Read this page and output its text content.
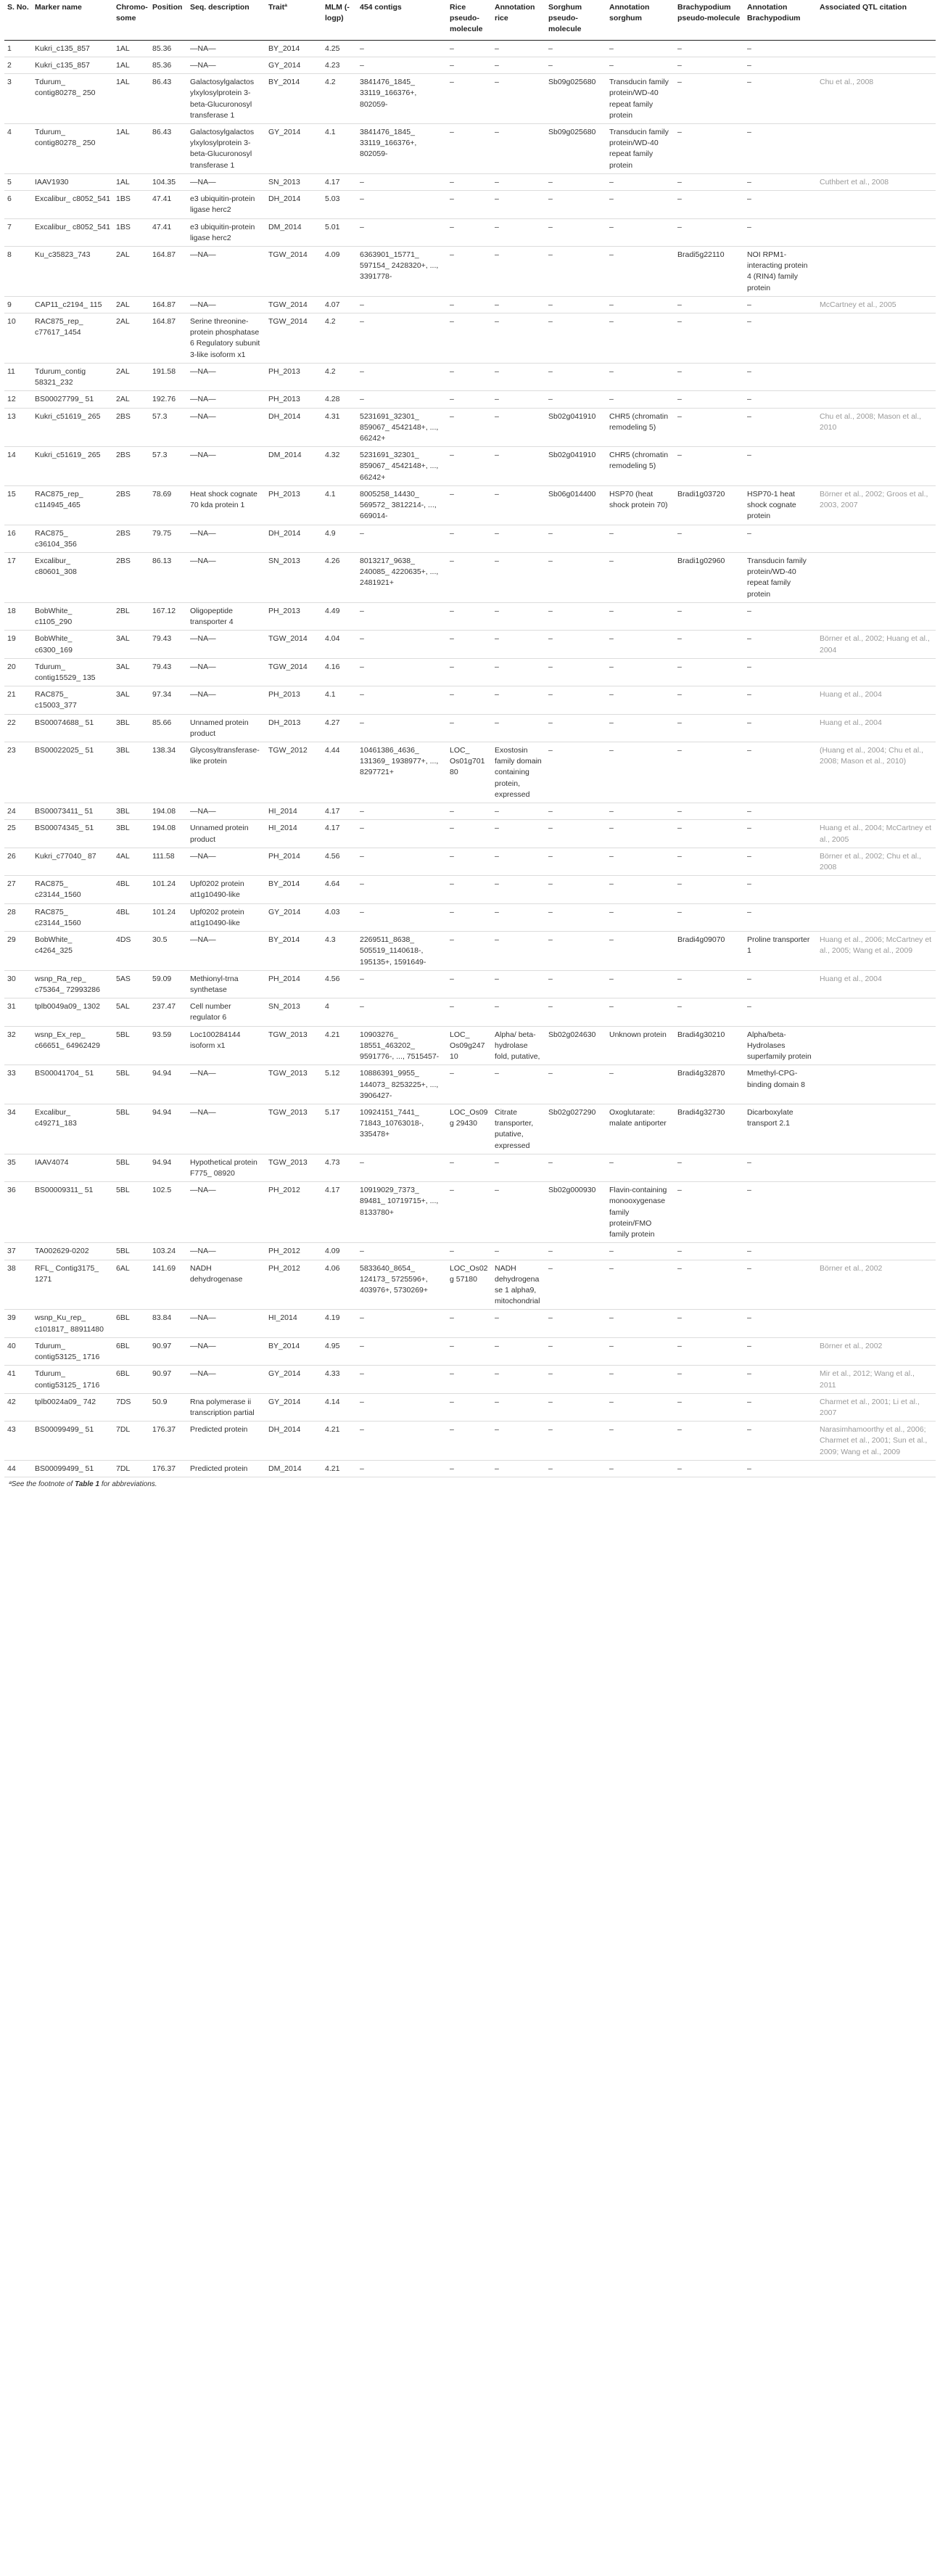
S. No.	Marker name	Chromo-some	Position	Seq. description	Traitª	MLM (-logp)	454 contigs	Rice pseudo-molecule	Annotation rice	Sorghum pseudo-molecule	Annotation sorghum	Brachypodium pseudo-molecule	Annotation Brachypodium	Associated QTL citation
1	Kukri_c135_857	1AL	85.36	—NA—	BY_2014	4.25	–	–	–	–	–	–	–	
2	Kukri_c135_857	1AL	85.36	—NA—	GY_2014	4.23	–	–	–	–	–	–	–	
3	Tdurum_ contig80278_ 250	1AL	86.43	Galactosylgalactos ylxylosylprotein 3-beta-Glucuronosyl transferase 1	BY_2014	4.2	3841476_1845_ 33119_166376+, 802059-	–	–	Sb09g025680	Transducin family protein/WD-40 repeat family protein	–	–	Chu et al., 2008
4	Tdurum_ contig80278_ 250	1AL	86.43	Galactosylgalactos ylxylosylprotein 3-beta-Glucuronosyl transferase 1	GY_2014	4.1	3841476_1845_ 33119_166376+, 802059-	–	–	Sb09g025680	Transducin family protein/WD-40 repeat family protein	–	–	
5	IAAV1930	1AL	104.35	—NA—	SN_2013	4.17	–	–	–	–	–	–	–	Cuthbert et al., 2008
6	Excalibur_ c8052_541	1BS	47.41	e3 ubiquitin-protein ligase herc2	DH_2014	5.03	–	–	–	–	–	–	–	
7	Excalibur_ c8052_541	1BS	47.41	e3 ubiquitin-protein ligase herc2	DM_2014	5.01	–	–	–	–	–	–	–	
8	Ku_c35823_743	2AL	164.87	—NA—	TGW_2014	4.09	6363901_15771_ 597154_ 2428320+, ..., 3391778-	–	–	–	–	Bradi5g22110	NOI RPM1-interacting protein 4 (RIN4) family protein	
9	CAP11_c2194_ 115	2AL	164.87	—NA—	TGW_2014	4.07	–	–	–	–	–	–	–	McCartney et al., 2005
10	RAC875_rep_ c77617_1454	2AL	164.87	Serine threonine-protein phosphatase 6 Regulatory subunit 3-like isoform x1	TGW_2014	4.2	–	–	–	–	–	–	–	
11	Tdurum_contig 58321_232	2AL	191.58	—NA—	PH_2013	4.2	–	–	–	–	–	–	–	
12	BS00027799_ 51	2AL	192.76	—NA—	PH_2013	4.28	–	–	–	–	–	–	–	
13	Kukri_c51619_ 265	2BS	57.3	—NA—	DH_2014	4.31	5231691_32301_ 859067_ 4542148+, ..., 66242+	–	–	Sb02g041910	CHR5 (chromatin remodeling 5)	–	–	Chu et al., 2008; Mason et al., 2010
14	Kukri_c51619_ 265	2BS	57.3	—NA—	DM_2014	4.32	5231691_32301_ 859067_ 4542148+, ..., 66242+	–	–	Sb02g041910	CHR5 (chromatin remodeling 5)	–	–	
15	RAC875_rep_ c114945_465	2BS	78.69	Heat shock cognate 70 kda protein 1	PH_2013	4.1	8005258_14430_ 569572_ 3812214-, ..., 669014-	–	–	Sb06g014400	HSP70 (heat shock protein 70)	Bradi1g03720	HSP70-1 heat shock cognate protein	Börner et al., 2002; Groos et al., 2003, 2007
16	RAC875_ c36104_356	2BS	79.75	—NA—	DH_2014	4.9	–	–	–	–	–	–	–	
17	Excalibur_ c80601_308	2BS	86.13	—NA—	SN_2013	4.26	8013217_9638_ 240085_ 4220635+, ..., 2481921+	–	–	–	–	Bradi1g02960	Transducin family protein/WD-40 repeat family protein	
18	BobWhite_ c1105_290	2BL	167.12	Oligopeptide transporter 4	PH_2013	4.49	–	–	–	–	–	–	–	
19	BobWhite_ c6300_169	3AL	79.43	—NA—	TGW_2014	4.04	–	–	–	–	–	–	–	Börner et al., 2002; Huang et al., 2004
20	Tdurum_ contig15529_ 135	3AL	79.43	—NA—	TGW_2014	4.16	–	–	–	–	–	–	–	
21	RAC875_ c15003_377	3AL	97.34	—NA—	PH_2013	4.1	–	–	–	–	–	–	–	Huang et al., 2004
22	BS00074688_ 51	3BL	85.66	Unnamed protein product	DH_2013	4.27	–	–	–	–	–	–	–	Huang et al., 2004
23	BS00022025_ 51	3BL	138.34	Glycosyltransferase-like protein	TGW_2012	4.44	10461386_4636_ 131369_ 1938977+, ..., 8297721+	LOC_ Os01g70180	Exostosin family domain containing protein, expressed	–	–	–	–	(Huang et al., 2004; Chu et al., 2008; Mason et al., 2010)
24	BS00073411_ 51	3BL	194.08	—NA—	HI_2014	4.17	–	–	–	–	–	–	–	
25	BS00074345_ 51	3BL	194.08	Unnamed protein product	HI_2014	4.17	–	–	–	–	–	–	–	Huang et al., 2004; McCartney et al., 2005
26	Kukri_c77040_ 87	4AL	111.58	—NA—	PH_2014	4.56	–	–	–	–	–	–	–	Börner et al., 2002; Chu et al., 2008
27	RAC875_ c23144_1560	4BL	101.24	Upf0202 protein at1g10490-like	BY_2014	4.64	–	–	–	–	–	–	–	
28	RAC875_ c23144_1560	4BL	101.24	Upf0202 protein at1g10490-like	GY_2014	4.03	–	–	–	–	–	–	–	
29	BobWhite_ c4264_325	4DS	30.5	—NA—	BY_2014	4.3	2269511_8638_ 505519_1140618-, 195135+, 1591649-	–	–	–	–	Bradi4g09070	Proline transporter 1	Huang et al., 2006; McCartney et al., 2005; Wang et al., 2009
30	wsnp_Ra_rep_ c75364_ 72993286	5AS	59.09	Methionyl-trna synthetase	PH_2014	4.56	–	–	–	–	–	–	–	Huang et al., 2004
31	tplb0049a09_ 1302	5AL	237.47	Cell number regulator 6	SN_2013	4	–	–	–	–	–	–	–	
32	wsnp_Ex_rep_ c66651_ 64962429	5BL	93.59	Loc100284144 isoform x1	TGW_2013	4.21	10903276_ 18551_463202_ 9591776-, ..., 7515457-	LOC_ Os09g24710	Alpha/ beta-hydrolase fold, putative,	Sb02g024630	Unknown protein	Bradi4g30210	Alpha/beta-Hydrolases superfamily protein	
33	BS00041704_ 51	5BL	94.94	—NA—	TGW_2013	5.12	10886391_9955_ 144073_ 8253225+, ..., 3906427-	–	–	–	–	Bradi4g32870	Mmethyl-CPG-binding domain 8	
34	Excalibur_ c49271_183	5BL	94.94	—NA—	TGW_2013	5.17	10924151_7441_ 71843_10763018-, 335478+	LOC_Os09g 29430	Citrate transporter, putative, expressed	Sb02g027290	Oxoglutarate: malate antiporter	Bradi4g32730	Dicarboxylate transport 2.1	
35	IAAV4074	5BL	94.94	Hypothetical protein F775_ 08920	TGW_2013	4.73	–	–	–	–	–	–	–	
36	BS00009311_ 51	5BL	102.5	—NA—	PH_2012	4.17	10919029_7373_ 89481_ 10719715+, ..., 8133780+	–	–	Sb02g000930	Flavin-containing monooxygenase family protein/FMO family protein	–	–	
37	TA002629-0202	5BL	103.24	—NA—	PH_2012	4.09	–	–	–	–	–	–	–	
38	RFL_ Contig3175_ 1271	6AL	141.69	NADH dehydrogenase	PH_2012	4.06	5833640_8654_ 124173_ 5725596+, 403976+, 5730269+	LOC_Os02g 57180	NADH dehydrogenase 1 alpha9, mitochondrial	–	–	–	–	Börner et al., 2002
39	wsnp_Ku_rep_ c101817_ 88911480	6BL	83.84	—NA—	HI_2014	4.19	–	–	–	–	–	–	–	
40	Tdurum_ contig53125_ 1716	6BL	90.97	—NA—	BY_2014	4.95	–	–	–	–	–	–	–	Börner et al., 2002
41	Tdurum_ contig53125_ 1716	6BL	90.97	—NA—	GY_2014	4.33	–	–	–	–	–	–	–	Mir et al., 2012; Wang et al., 2011
42	tplb0024a09_ 742	7DS	50.9	Rna polymerase ii transcription partial	GY_2014	4.14	–	–	–	–	–	–	–	Charmet et al., 2001; Li et al., 2007
43	BS00099499_ 51	7DL	176.37	Predicted protein	DH_2014	4.21	–	–	–	–	–	–	–	Narasimhamoorthy et al., 2006; Charmet et al., 2001; Sun et al., 2009; Wang et al., 2009
44	BS00099499_ 51	7DL	176.37	Predicted protein	DM_2014	4.21	–	–	–	–	–	–	–	
ªSee the footnote of Table 1 for abbreviations.
